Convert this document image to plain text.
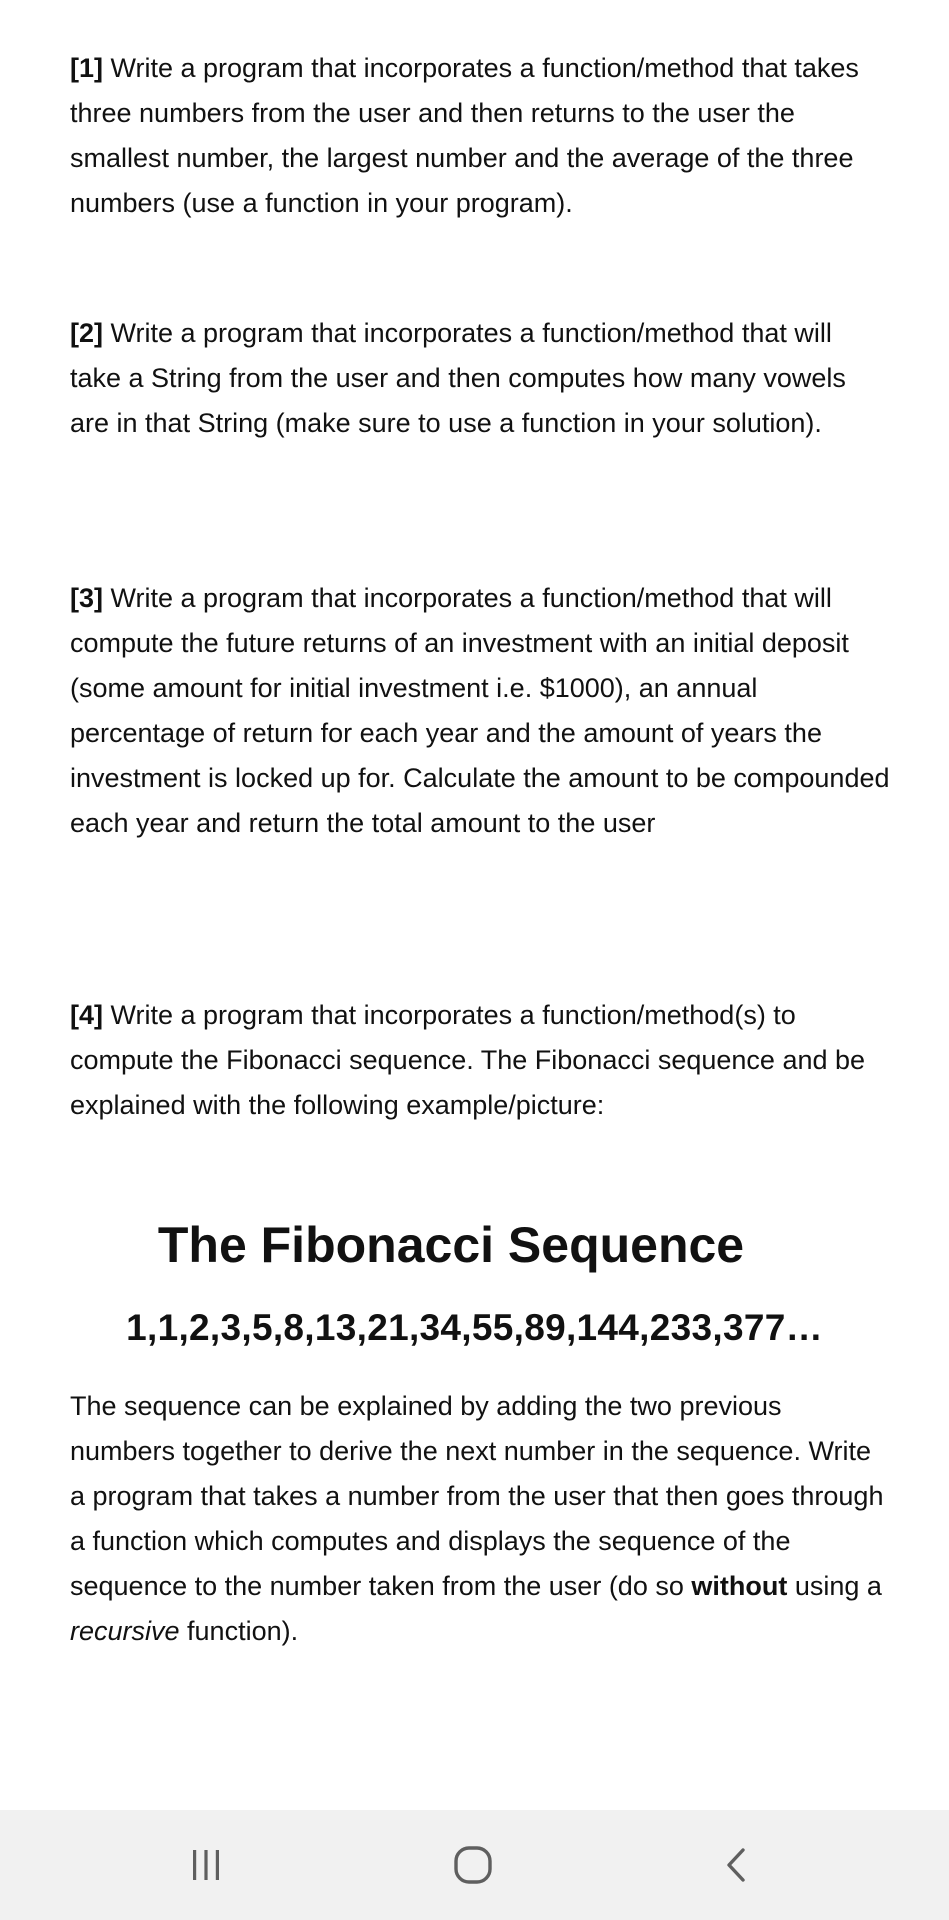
[1] Write a program that incorporates a function/method that takes three numbers from the user and then returns to the user the smallest number, the largest number and the average of the three numbers (use a function in your program).

[2] Write a program that incorporates a function/method that will take a String from the user and then computes how many vowels are in that String (make sure to use a function in your solution).

[3] Write a program that incorporates a function/method that will compute the future returns of an investment with an initial deposit (some amount for initial investment i.e. $1000), an annual percentage of return for each year and the amount of years the investment is locked up for. Calculate the amount to be compounded each year and return the total amount to the user

[4] Write a program that incorporates a function/method(s) to compute the Fibonacci sequence. The Fibonacci sequence and be explained with the following example/picture:

The Fibonacci Sequence
1,1,2,3,5,8,13,21,34,55,89,144,233,377…

The sequence can be explained by adding the two previous numbers together to derive the next number in the sequence. Write a program that takes a number from the user that then goes through a function which computes and displays the sequence of the sequence to the number taken from the user (do so without using a recursive function).
